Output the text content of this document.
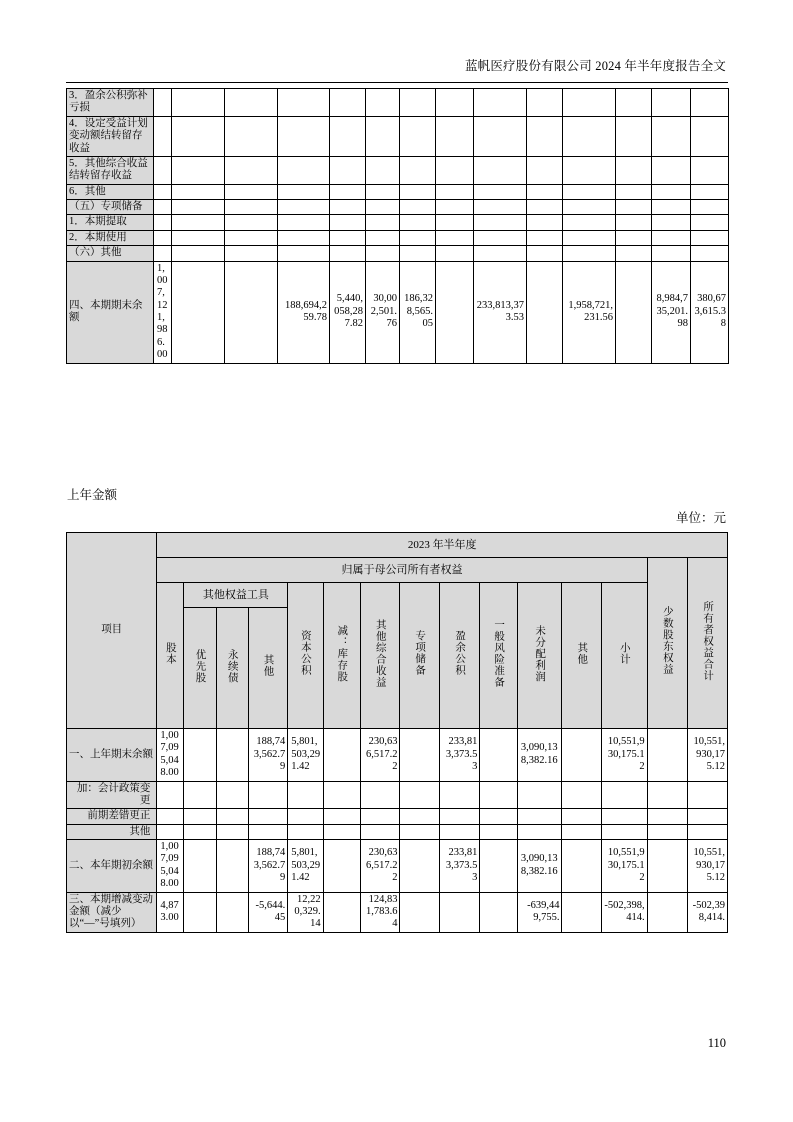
蓝帆医疗股份有限公司 2024 年半年度报告全文
3．盈余公积弥补亏损														
4．设定受益计划变动额结转留存收益														
5．其他综合收益结转留存收益														
6．其他														
（五）专项储备														
1．本期提取														
2．本期使用														
（六）其他														
四、本期期末余额	1,007,121,986.00			188,694,259.78	5,440,058,287.82	30,002,501.76	186,328,565.05		233,813,373.53		1,958,721,231.56		8,984,735,201.98	380,673,615.38
上年金额
单位：元
项目	2023 年半年度														
	归属于母公司所有者权益													少数股东权益	所有者权益合计
	股本	其他权益工具			资本公积	减：库存股	其他综合收益	专项储备	盈余公积	一般风险准备	未分配利润	其他	小计		
		优先股	永续债	其他											
一、上年期末余额	1,007,095,048.00			188,743,562.79	5,801,503,291.42		230,636,517.22		233,813,373.53		3,090,138,382.16		10,551,930,175.12		10,551,930,175.12
加：会计政策变更															
前期差错更正															
其他															
二、本年期初余额	1,007,095,048.00			188,743,562.79	5,801,503,291.42		230,636,517.22		233,813,373.53		3,090,138,382.16		10,551,930,175.12		10,551,930,175.12
三、本期增减变动金额（减少以“—”号填列）	4,873.00			-5,644.45	12,220,329.14		124,831,783.64				-639,449,755.		-502,398,414.		-502,398,414.
110
